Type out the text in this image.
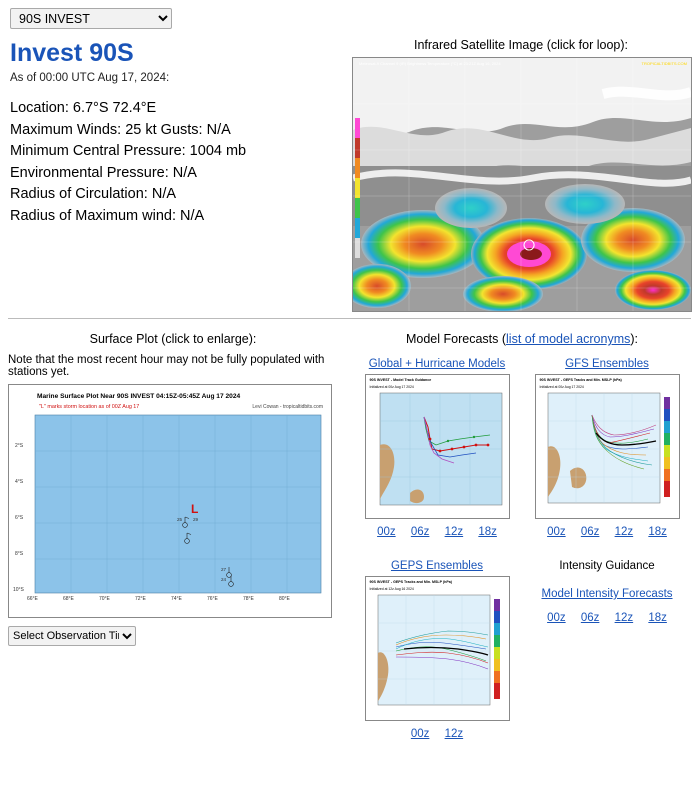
90S INVEST
Invest 90S
As of 00:00 UTC Aug 17, 2024:
Location: 6.7°S 72.4°E
Maximum Winds: 25 kt Gusts: N/A
Minimum Central Pressure: 1004 mb
Environmental Pressure: N/A
Radius of Circulation: N/A
Radius of Maximum wind: N/A
Infrared Satellite Image (click for loop):
Meteosat-9 Channel 9 (IR) Brightness Temperature (°C) at 23:21Z Aug 16, 2024	TROPICALTIDBITS.COM
Surface Plot (click to enlarge):
Note that the most recent hour may not be fully populated with stations yet.
L
Marine Surface Plot Near 90S INVEST 04:15Z-05:45Z Aug 17 2024
"L" marks storm location as of 00Z Aug 17	Levi Cowan - tropicaltidbits.com
25 29
27
24
2°S
4°S
6°S
8°S
10°S
66°E	68°E	70°E	72°E	74°E	76°E	78°E	80°E
Select Observation Time...
Model Forecasts (list of model acronyms):
Global + Hurricane Models
90S INVEST - Model Track Guidance
Initialized at 00z Aug 17 2024
00z 06z 12z 18z
GFS Ensembles
90S INVEST - GEFS Tracks and Min. MSLP (hPa)
Initialized at 00z Aug 17 2024
00z 06z 12z 18z
GEPS Ensembles
90S INVEST - GEPS Tracks and Min. MSLP (hPa)
Initialized at 12z Aug 16 2024
00z 12z
Intensity Guidance
Model Intensity Forecasts
00z 06z 12z 18z
